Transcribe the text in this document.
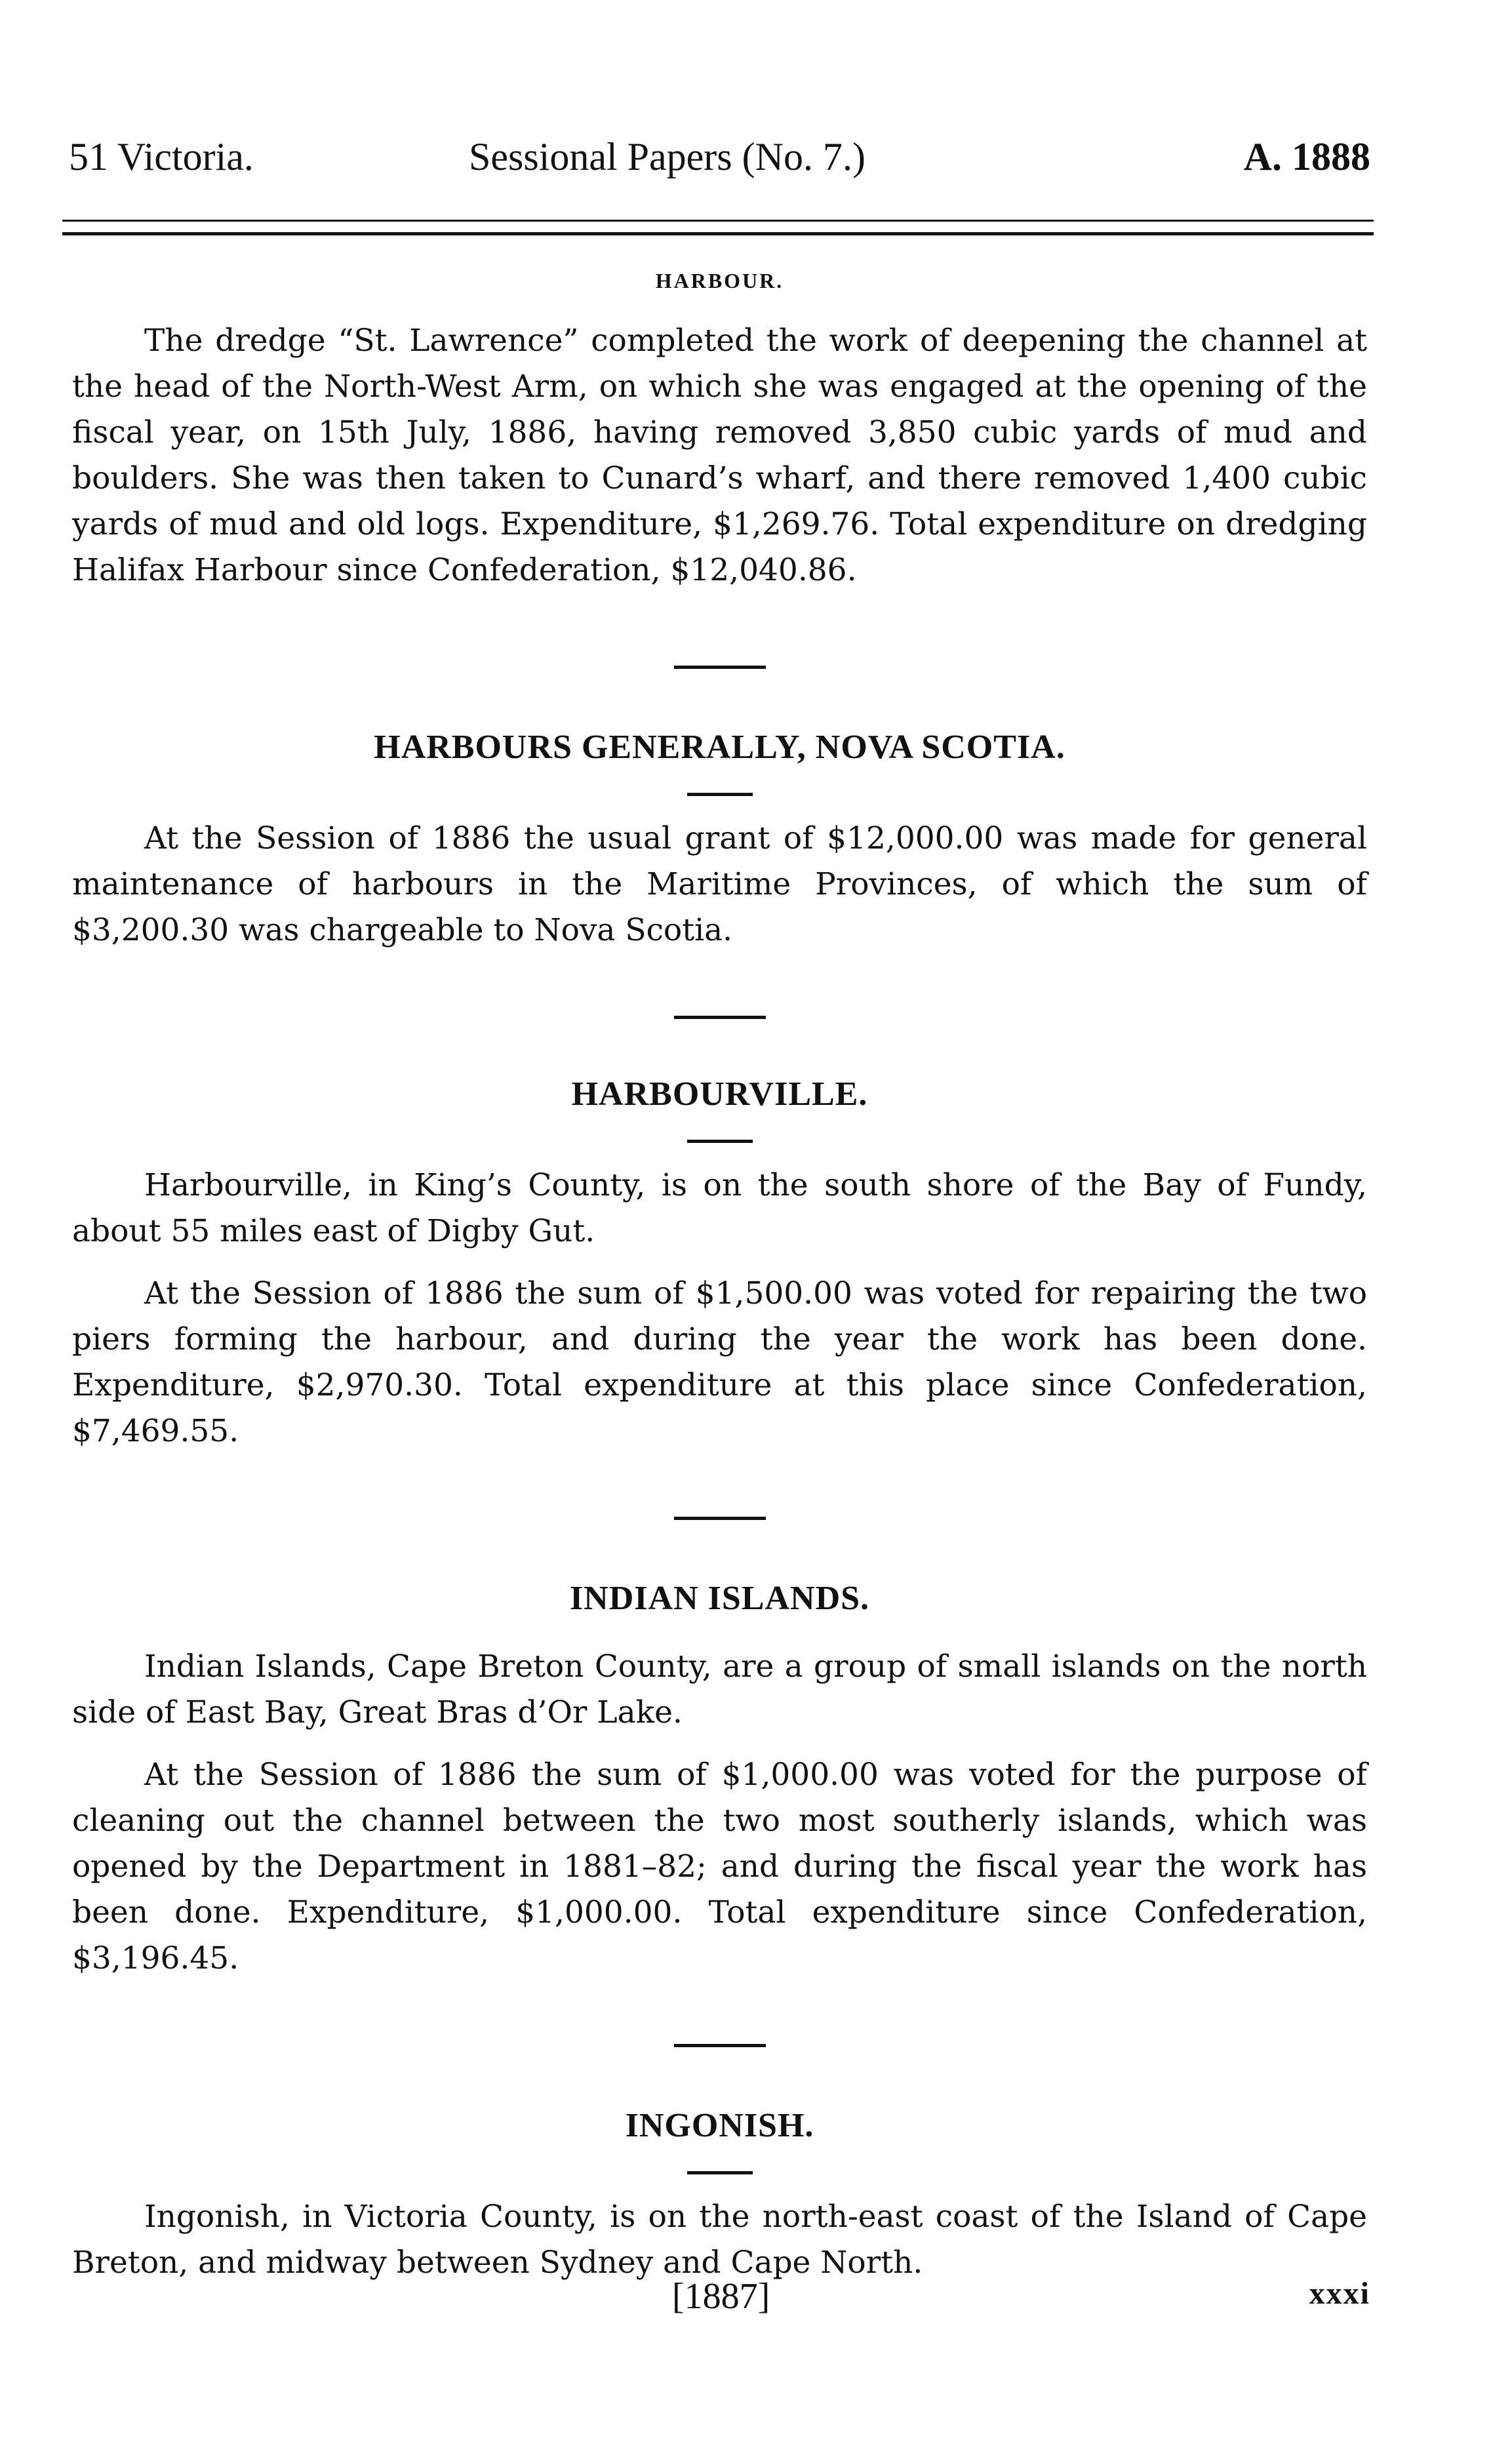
51 Victoria.	Sessional Papers (No. 7.)	A. 1888
HARBOUR.

The dredge “St. Lawrence” completed the work of deepening the channel at the head of the North-West Arm, on which she was engaged at the opening of the fiscal year, on 15th July, 1886, having removed 3,850 cubic yards of mud and boulders. She was then taken to Cunard’s wharf, and there removed 1,400 cubic yards of mud and old logs. Expenditure, $1,269.76. Total expenditure on dredging Halifax Harbour since Confederation, $12,040.86.

HARBOURS GENERALLY, NOVA SCOTIA.

At the Session of 1886 the usual grant of $12,000.00 was made for general maintenance of harbours in the Maritime Provinces, of which the sum of $3,200.30 was chargeable to Nova Scotia.

HARBOURVILLE.

Harbourville, in King’s County, is on the south shore of the Bay of Fundy, about 55 miles east of Digby Gut.

At the Session of 1886 the sum of $1,500.00 was voted for repairing the two piers forming the harbour, and during the year the work has been done. Expenditure, $2,970.30. Total expenditure at this place since Confederation, $7,469.55.

INDIAN ISLANDS.

Indian Islands, Cape Breton County, are a group of small islands on the north side of East Bay, Great Bras d’Or Lake.

At the Session of 1886 the sum of $1,000.00 was voted for the purpose of cleaning out the channel between the two most southerly islands, which was opened by the Department in 1881–82; and during the fiscal year the work has been done. Expenditure, $1,000.00. Total expenditure since Confederation, $3,196.45.

INGONISH.

Ingonish, in Victoria County, is on the north-east coast of the Island of Cape Breton, and midway between Sydney and Cape North.

[1887]	xxxi
